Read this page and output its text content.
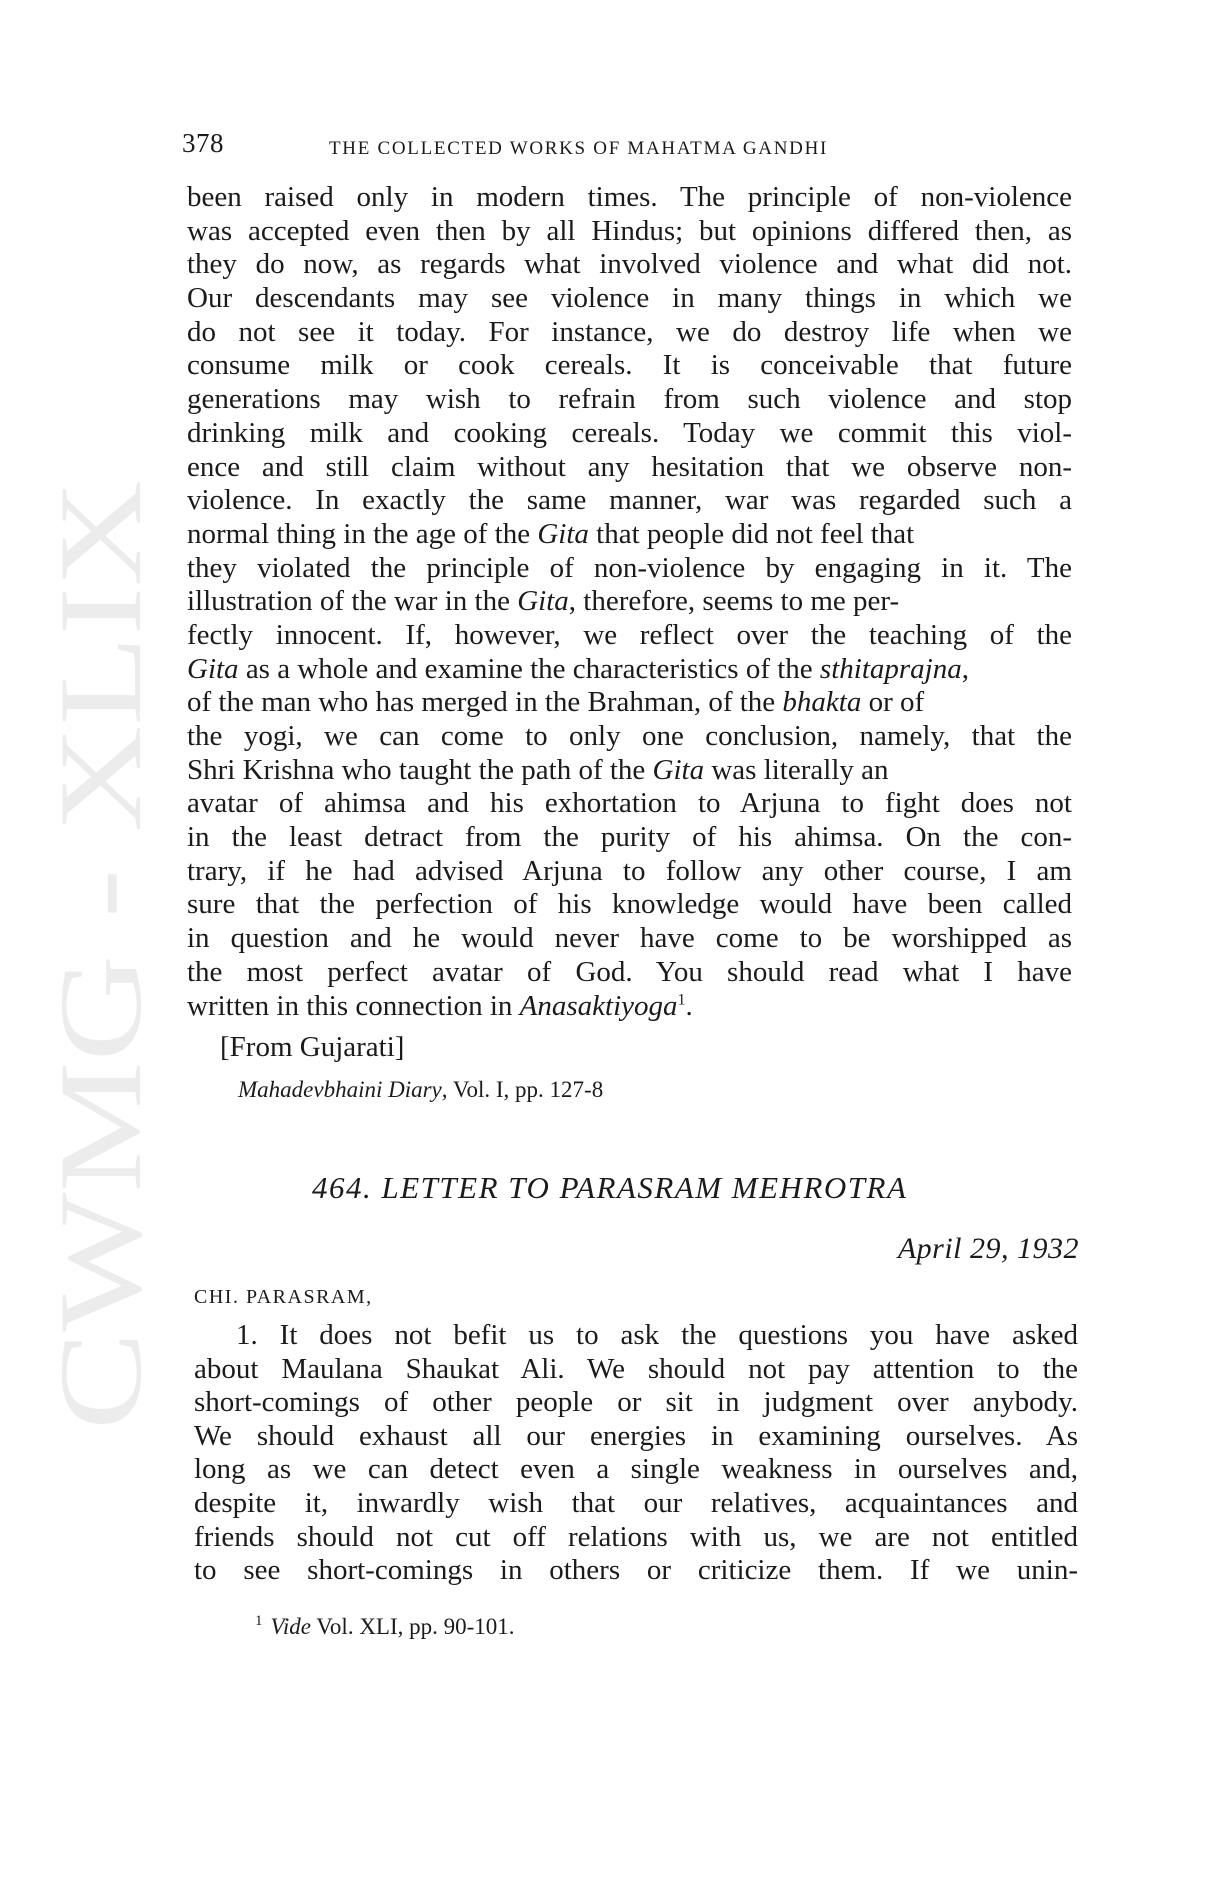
CWMG - XLIX
378	THE COLLECTED WORKS OF MAHATMA GANDHI
been raised only in modern times. The principle of non-violence
was accepted even then by all Hindus; but opinions differed then, as
they do now, as regards what involved violence and what did not.
Our descendants may see violence in many things in which we
do not see it today. For instance, we do destroy life when we
consume milk or cook cereals. It is conceivable that future
generations may wish to refrain from such violence and stop
drinking milk and cooking cereals. Today we commit this viol-
ence and still claim without any hesitation that we observe non-
violence. In exactly the same manner, war was regarded such a
normal thing in the age of the Gita that people did not feel that
they violated the principle of non-violence by engaging in it. The
illustration of the war in the Gita, therefore, seems to me per-
fectly innocent. If, however, we reflect over the teaching of the
Gita as a whole and examine the characteristics of the sthitaprajna,
of the man who has merged in the Brahman, of the bhakta or of
the yogi, we can come to only one conclusion, namely, that the
Shri Krishna who taught the path of the Gita was literally an
avatar of ahimsa and his exhortation to Arjuna to fight does not
in the least detract from the purity of his ahimsa. On the con-
trary, if he had advised Arjuna to follow any other course, I am
sure that the perfection of his knowledge would have been called
in question and he would never have come to be worshipped as
the most perfect avatar of God. You should read what I have
written in this connection in Anasaktiyoga$^1$.
[From Gujarati]
Mahadevbhaini Diary, Vol. I, pp. 127-8
464. LETTER TO PARASRAM MEHROTRA
April 29, 1932
CHI. PARASRAM,
1. It does not befit us to ask the questions you have asked
about Maulana Shaukat Ali. We should not pay attention to the
short-comings of other people or sit in judgment over anybody.
We should exhaust all our energies in examining ourselves. As
long as we can detect even a single weakness in ourselves and,
despite it, inwardly wish that our relatives, acquaintances and
friends should not cut off relations with us, we are not entitled
to see short-comings in others or criticize them. If we unin-
$^1$ Vide Vol. XLI, pp. 90-101.
